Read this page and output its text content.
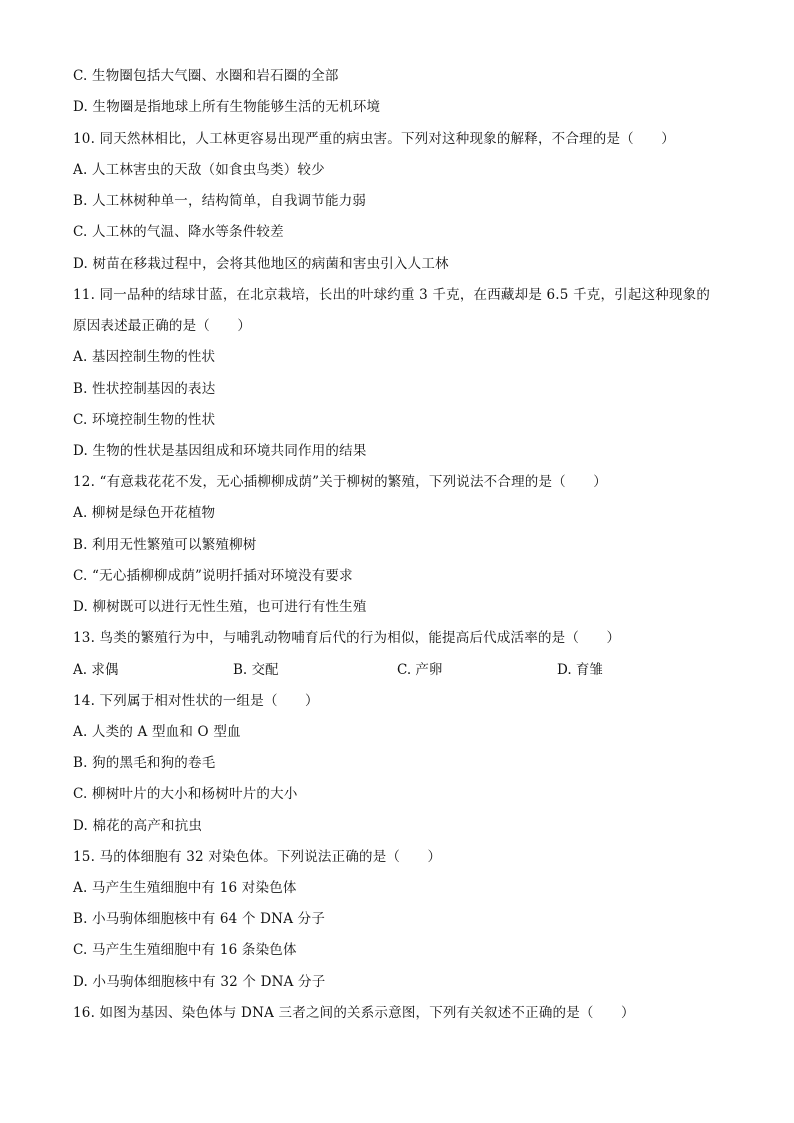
C. 生物圈包括大气圈、水圈和岩石圈的全部
D. 生物圈是指地球上所有生物能够生活的无机环境
10. 同天然林相比，人工林更容易出现严重的病虫害。下列对这种现象的解释，不合理的是（　　）
A. 人工林害虫的天敌（如食虫鸟类）较少
B. 人工林树种单一，结构简单，自我调节能力弱
C. 人工林的气温、降水等条件较差
D. 树苗在移栽过程中，会将其他地区的病菌和害虫引入人工林
11. 同一品种的结球甘蓝，在北京栽培，长出的叶球约重 3 千克，在西藏却是 6.5 千克，引起这种现象的
原因表述最正确的是（　　）
A. 基因控制生物的性状
B. 性状控制基因的表达
C. 环境控制生物的性状
D. 生物的性状是基因组成和环境共同作用的结果
12. “有意栽花花不发，无心插柳柳成荫”关于柳树的繁殖，下列说法不合理的是（　　）
A. 柳树是绿色开花植物
B. 利用无性繁殖可以繁殖柳树
C. “无心插柳柳成荫”说明扦插对环境没有要求
D. 柳树既可以进行无性生殖，也可进行有性生殖
13. 鸟类的繁殖行为中，与哺乳动物哺育后代的行为相似，能提高后代成活率的是（　　）
A. 求偶	B. 交配	C. 产卵	D. 育雏
14. 下列属于相对性状的一组是（　　）
A. 人类的 A 型血和 O 型血
B. 狗的黑毛和狗的卷毛
C. 柳树叶片的大小和杨树叶片的大小
D. 棉花的高产和抗虫
15. 马的体细胞有 32 对染色体。下列说法正确的是（　　）
A. 马产生生殖细胞中有 16 对染色体
B. 小马驹体细胞核中有 64 个 DNA 分子
C. 马产生生殖细胞中有 16 条染色体
D. 小马驹体细胞核中有 32 个 DNA 分子
16. 如图为基因、染色体与 DNA 三者之间的关系示意图，下列有关叙述不正确的是（　　）
